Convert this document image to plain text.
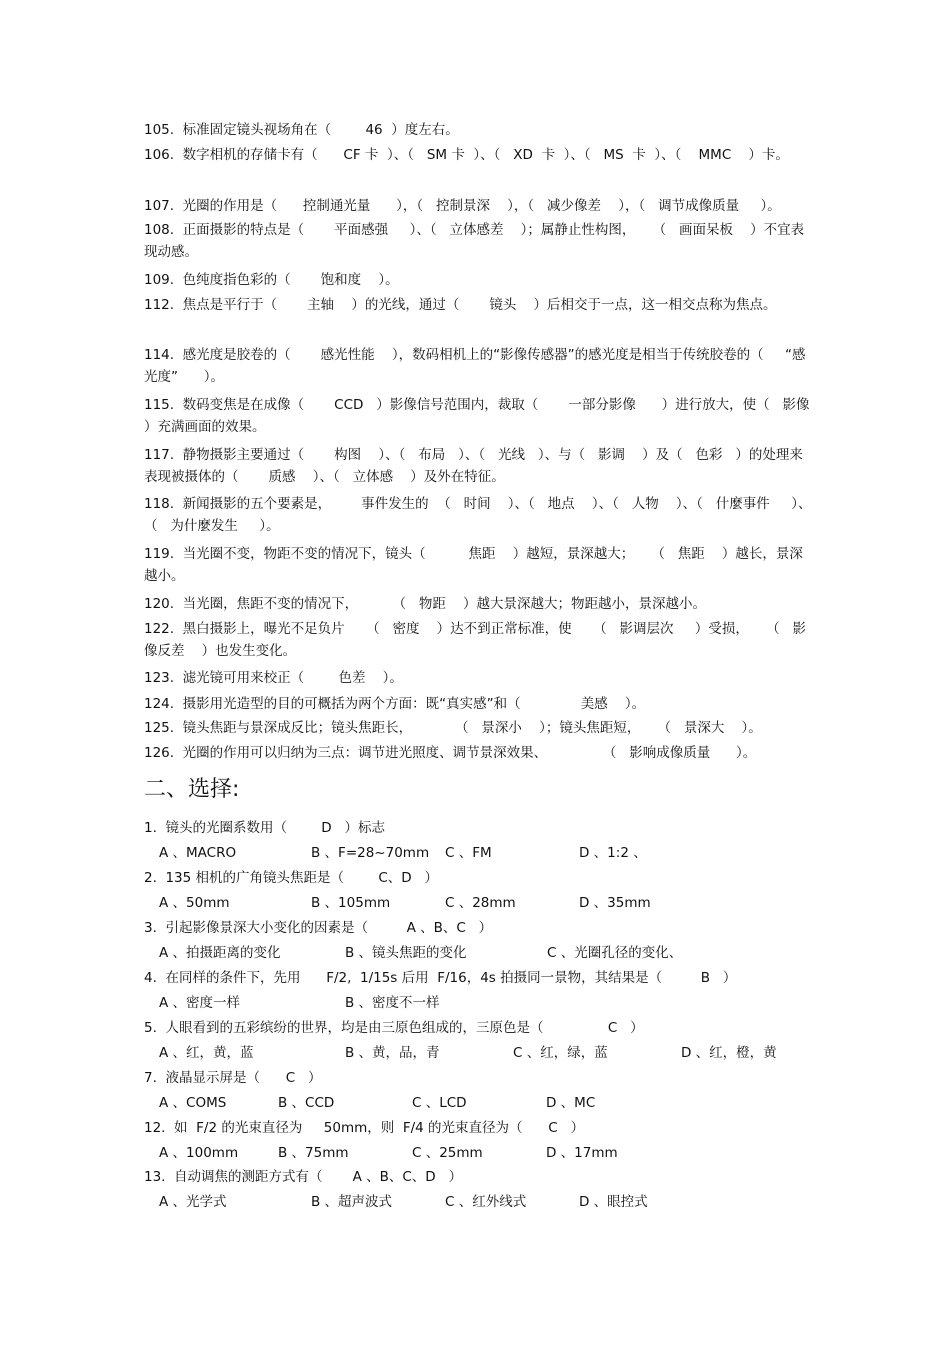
105.  标准固定镜头视场角在（        46  ）度左右。
106.  数字相机的存储卡有（      CF 卡  ）、（   SM 卡  ）、（   XD  卡  ）、（   MS  卡  ）、（    MMC    ）卡。
107.  光圈的作用是（      控制通光量      ），（   控制景深    ），（   减少像差    ），（   调节成像质量     ）。
108.  正面摄影的特点是（       平面感强     ）、（   立体感差    ）；属静止性构图，    （   画面呆板    ）不宜表现动感。
109.  色纯度指色彩的（       饱和度    ）。
112.  焦点是平行于（       主轴    ）的光线，通过（       镜头    ）后相交于一点，这一相交点称为焦点。
114.  感光度是胶卷的（       感光性能    ），数码相机上的“影像传感器”的感光度是相当于传统胶卷的（     “感光度”      ）。
115.  数码变焦是在成像（       CCD   ）影像信号范围内，裁取（       一部分影像      ）进行放大，使（   影像    ）充满画面的效果。
117.  静物摄影主要通过（       构图    ）、（   布局   ）、（   光线   ）、与（   影调    ）及（   色彩   ）的处理来表现被摄体的（       质感    ）、（   立体感    ）及外在特征。
118.  新闻摄影的五个要素是，       事件发生的  （   时间    ）、（   地点    ）、（   人物    ）、（   什麼事件     ）、（   为什麼发生     ）。
119.  当光圈不变，物距不变的情况下，镜头（          焦距    ）越短，景深越大；    （   焦距    ）越长，景深越小。
120.  当光圈，焦距不变的情况下，        （   物距    ）越大景深越大；物距越小，景深越小。
122.  黑白摄影上，曝光不足负片     （   密度    ）达不到正常标准，使     （   影调层次     ）受损，    （   影像反差    ）也发生变化。
123.  滤光镜可用来校正（        色差    ）。
124.  摄影用光造型的目的可概括为两个方面：既“真实感”和（              美感    ）。
125.  镜头焦距与景深成反比；镜头焦距长，          （   景深小    ）；镜头焦距短，    （   景深大    ）。
126.  光圈的作用可以归纳为三点：调节进光照度、调节景深效果、             （   影响成像质量      ）。
二、选择:
1.  镜头的光圈系数用（        D   ）标志
A 、MACRO	B 、F=28~70mm C 、FM	D 、1:2 、
2.  135 相机的广角镜头焦距是（        C、D   ）
A 、50mm	B 、105mm	C 、28mm	D 、35mm
3.  引起影像景深大小变化的因素是（         A 、B、C   ）
A 、拍摄距离的变化	B 、镜头焦距的变化	C 、光圈孔径的变化、
4.  在同样的条件下，先用      F/2,  1/15s 后用  F/16，4s 拍摄同一景物，其结果是（         B   ）
A 、密度一样	B 、密度不一样
5.  人眼看到的五彩缤纷的世界，均是由三原色组成的，三原色是（               C   ）
A 、红，黄，蓝	B 、黄，品，青	C 、红，绿，蓝	D 、红，橙，黄
7.  液晶显示屏是（      C   ）
A 、COMS	B 、CCD	C 、LCD	D 、MC
12.  如  F/2 的光束直径为     50mm，则  F/4 的光束直径为（      C   ）
A 、100mm	B 、75mm	C 、25mm	D 、17mm
13.  自动调焦的测距方式有（       A 、B、C、D   ）
A 、光学式	B 、超声波式	C 、红外线式	D 、眼控式
